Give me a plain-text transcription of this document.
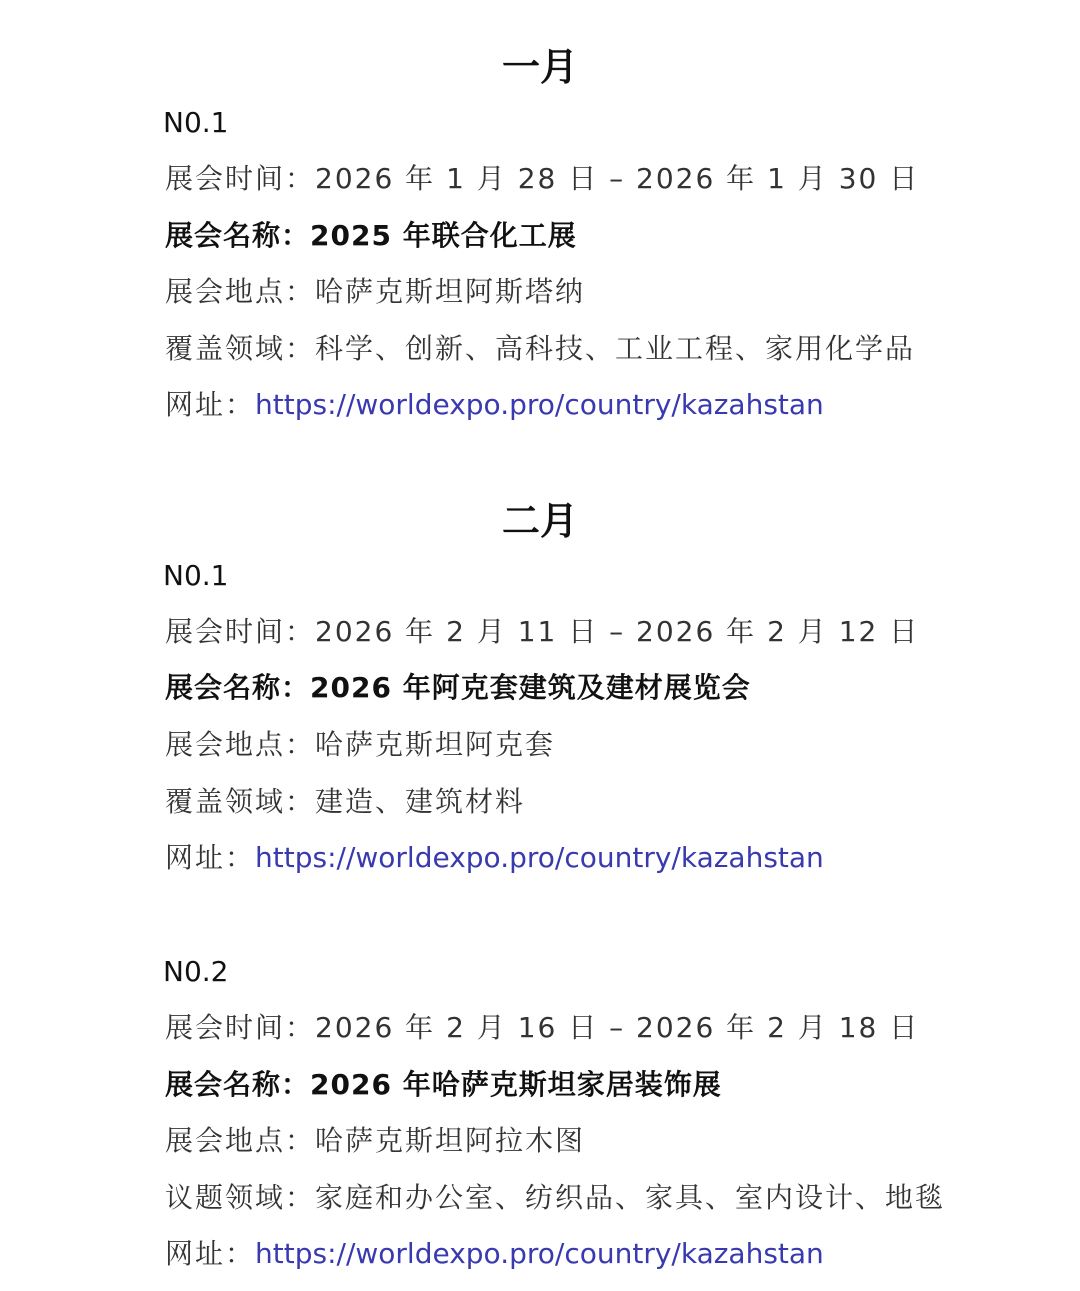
一月
N0.1
展会时间：2026 年 1 月 28 日 – 2026 年 1 月 30 日
展会名称：2025 年联合化工展
展会地点：哈萨克斯坦阿斯塔纳
覆盖领域：科学、创新、高科技、工业工程、家用化学品
网址：https://worldexpo.pro/country/kazahstan
二月
N0.1
展会时间：2026 年 2 月 11 日 – 2026 年 2 月 12 日
展会名称：2026 年阿克套建筑及建材展览会
展会地点：哈萨克斯坦阿克套
覆盖领域：建造、建筑材料
网址：https://worldexpo.pro/country/kazahstan
N0.2
展会时间：2026 年 2 月 16 日 – 2026 年 2 月 18 日
展会名称：2026 年哈萨克斯坦家居装饰展
展会地点：哈萨克斯坦阿拉木图
议题领域：家庭和办公室、纺织品、家具、室内设计、地毯
网址：https://worldexpo.pro/country/kazahstan
